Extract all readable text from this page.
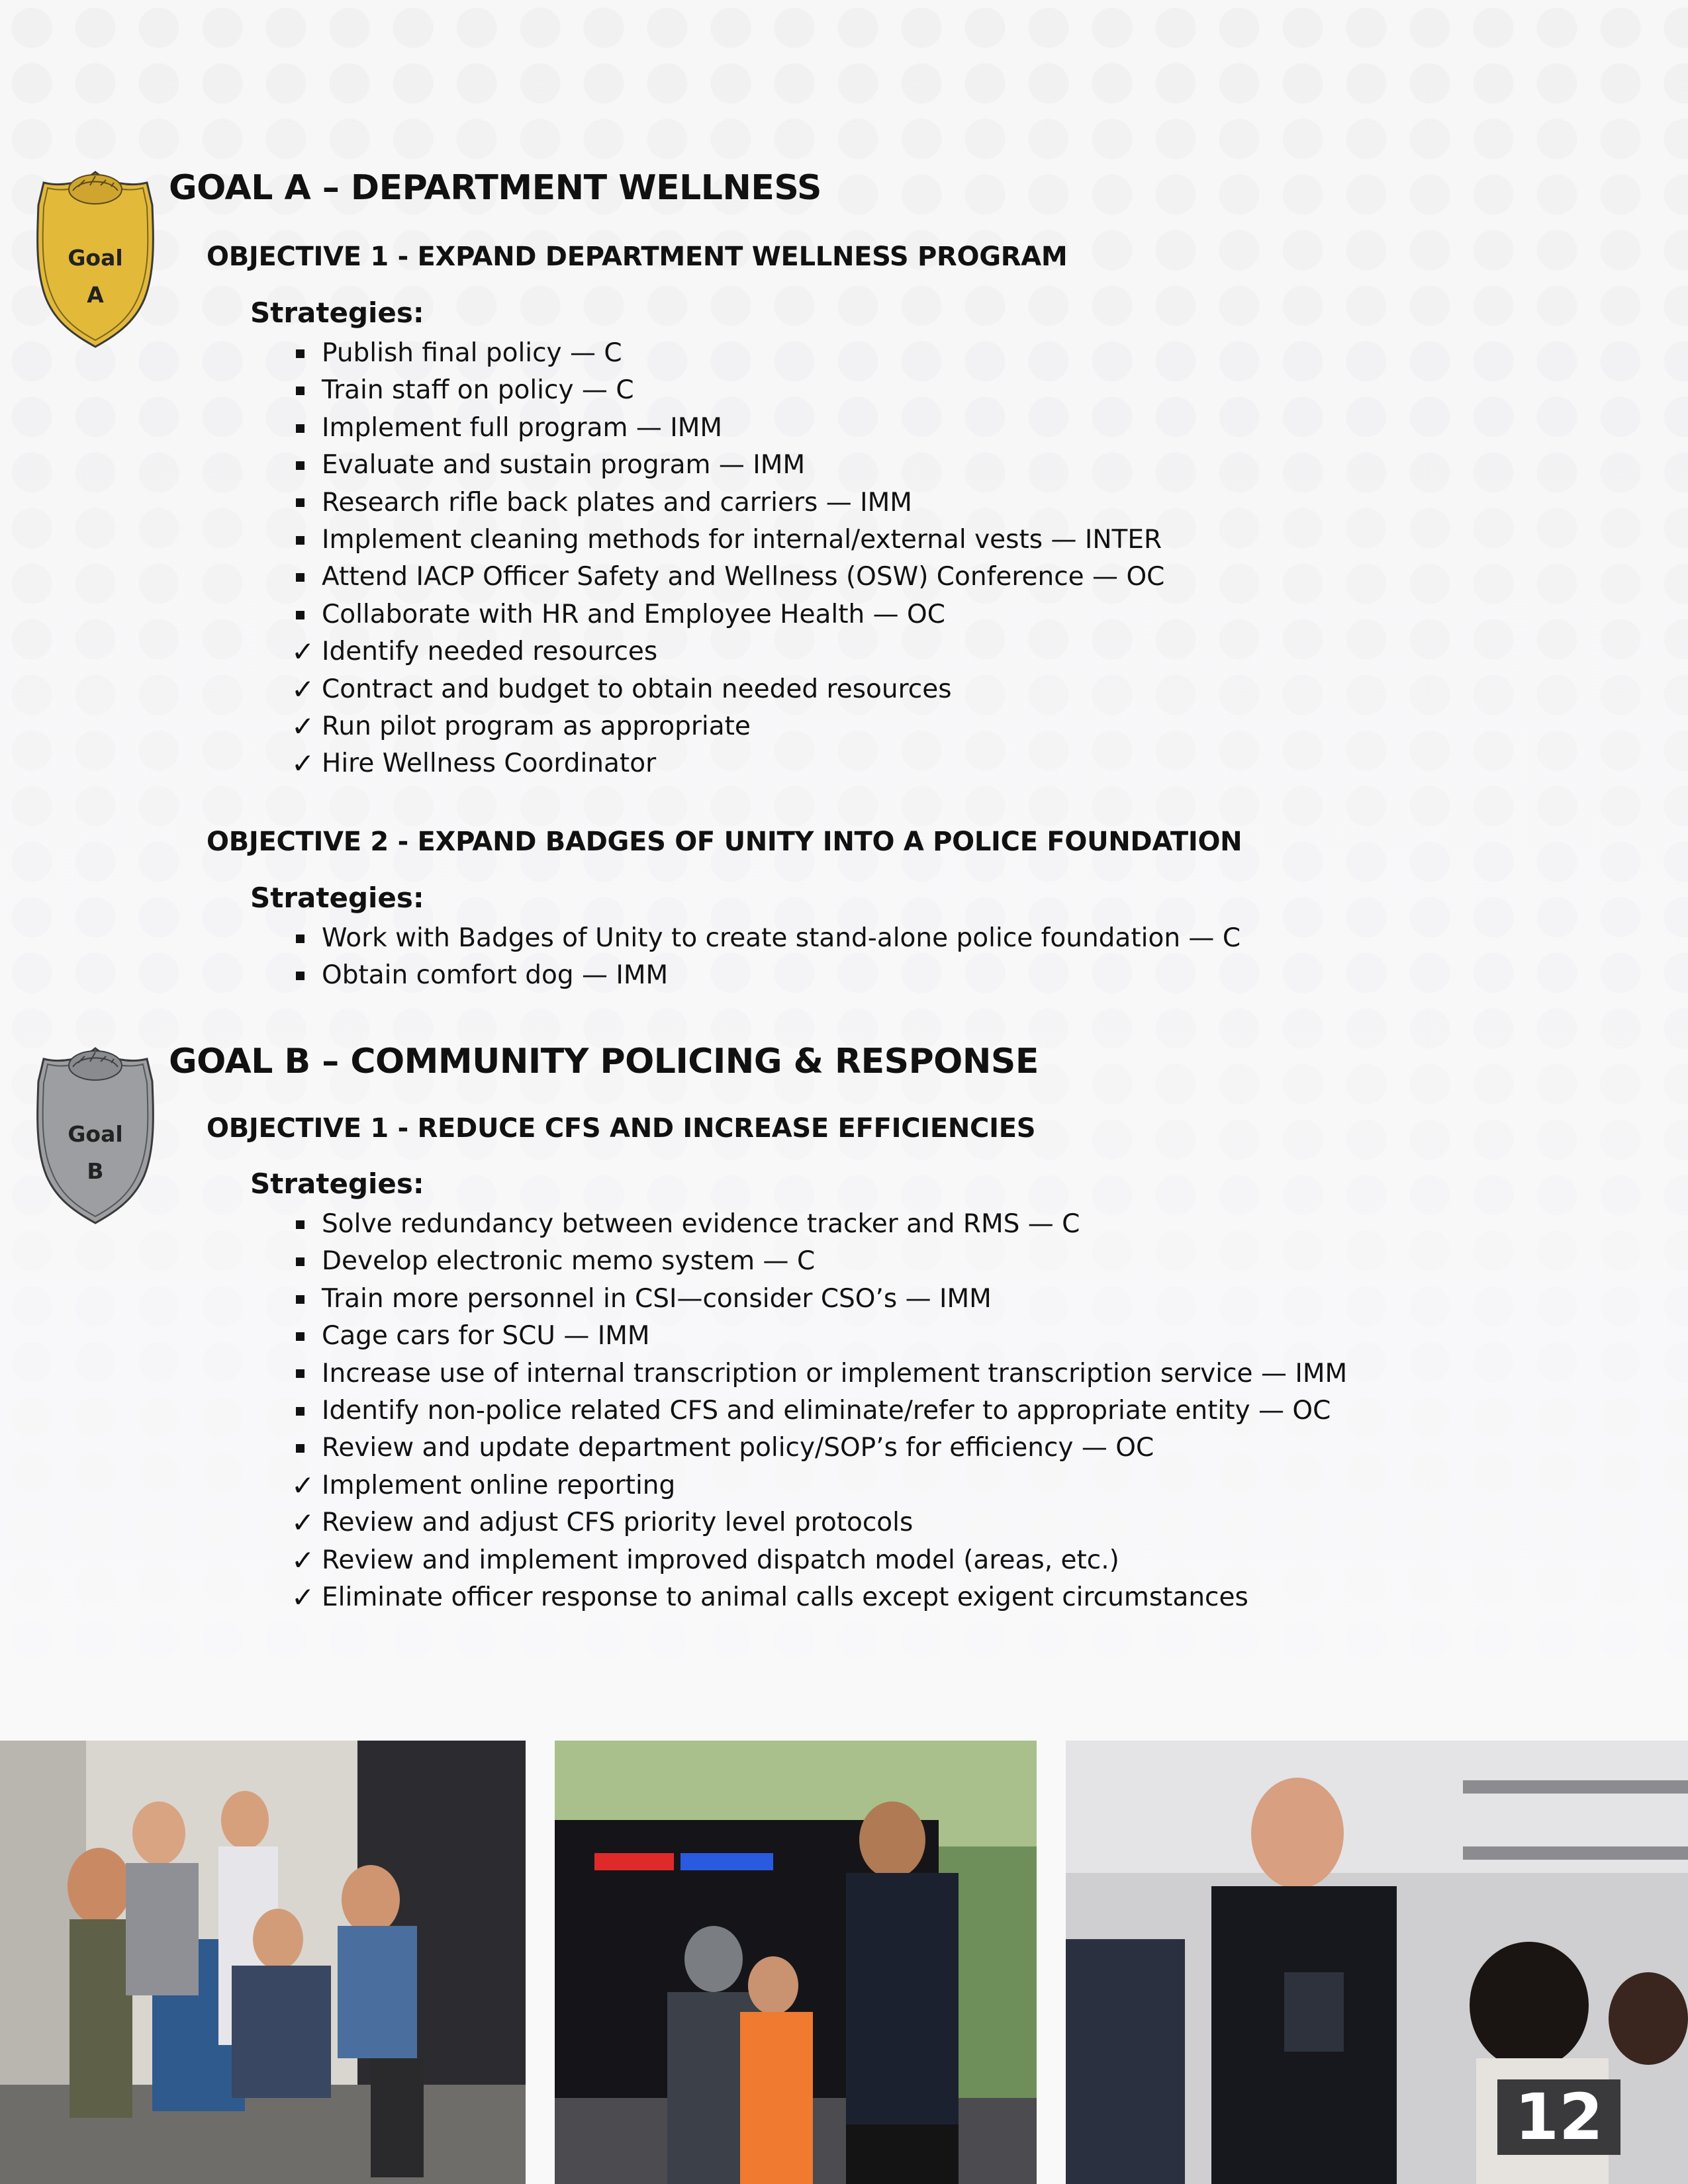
Goal
A
GOAL A – DEPARTMENT WELLNESS
OBJECTIVE 1 - EXPAND DEPARTMENT WELLNESS PROGRAM
Strategies:
Publish final policy — C
Train staff on policy — C
Implement full program — IMM
Evaluate and sustain program — IMM
Research rifle back plates and carriers — IMM
Implement cleaning methods for internal/external vests — INTER
Attend IACP Officer Safety and Wellness (OSW) Conference — OC
Collaborate with HR and Employee Health — OC
✓ Identify needed resources
✓ Contract and budget to obtain needed resources
✓ Run pilot program as appropriate
✓ Hire Wellness Coordinator
OBJECTIVE 2 - EXPAND BADGES OF UNITY INTO A POLICE FOUNDATION
Strategies:
Work with Badges of Unity to create stand-alone police foundation — C
Obtain comfort dog — IMM
Goal
B
GOAL B – COMMUNITY POLICING & RESPONSE
OBJECTIVE 1 - REDUCE CFS AND INCREASE EFFICIENCIES
Strategies:
Solve redundancy between evidence tracker and RMS — C
Develop electronic memo system — C
Train more personnel in CSI—consider CSO’s — IMM
Cage cars for SCU — IMM
Increase use of internal transcription or implement transcription service — IMM
Identify non-police related CFS and eliminate/refer to appropriate entity — OC
Review and update department policy/SOP’s for efficiency — OC
✓ Implement online reporting
✓ Review and adjust CFS priority level protocols
✓ Review and implement improved dispatch model (areas, etc.)
✓ Eliminate officer response to animal calls except exigent circumstances
12
